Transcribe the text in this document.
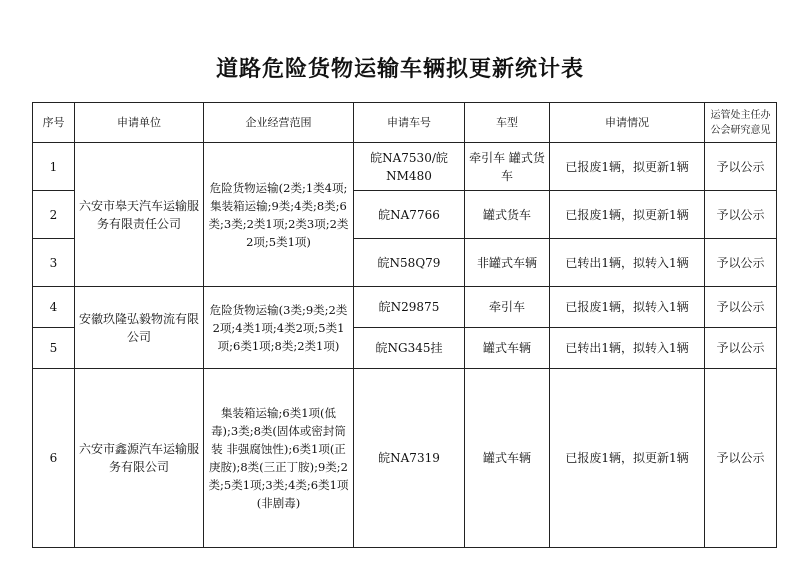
道路危险货物运输车辆拟更新统计表
序号	申请单位	企业经营范围	申请车号	车型	申请情况	运管处主任办公会研究意见
1	六安市皋天汽车运输服务有限责任公司	危险货物运输(2类;1类4项;集装箱运输;9类;4类;8类;6类;3类;2类1项;2类3项;2类2项;5类1项)	皖NA7530/皖NM480	牵引车 罐式货车	已报废1辆，拟更新1辆	予以公示
2			皖NA7766	罐式货车	已报废1辆，拟更新1辆	予以公示
3			皖N58Q79	非罐式车辆	已转出1辆，拟转入1辆	予以公示
4	安徽玖隆弘毅物流有限公司	危险货物运输(3类;9类;2类2项;4类1项;4类2项;5类1项;6类1项;8类;2类1项)	皖N29875	牵引车	已报废1辆，拟转入1辆	予以公示
5			皖NG345挂	罐式车辆	已转出1辆，拟转入1辆	予以公示
6	六安市鑫源汽车运输服务有限公司	集装箱运输;6类1项(低毒);3类;8类(固体或密封筒装 非强腐蚀性);6类1项(正庚胺);8类(三正丁胺);9类;2类;5类1项;3类;4类;6类1项(非剧毒)	皖NA7319	罐式车辆	已报废1辆，拟更新1辆	予以公示
